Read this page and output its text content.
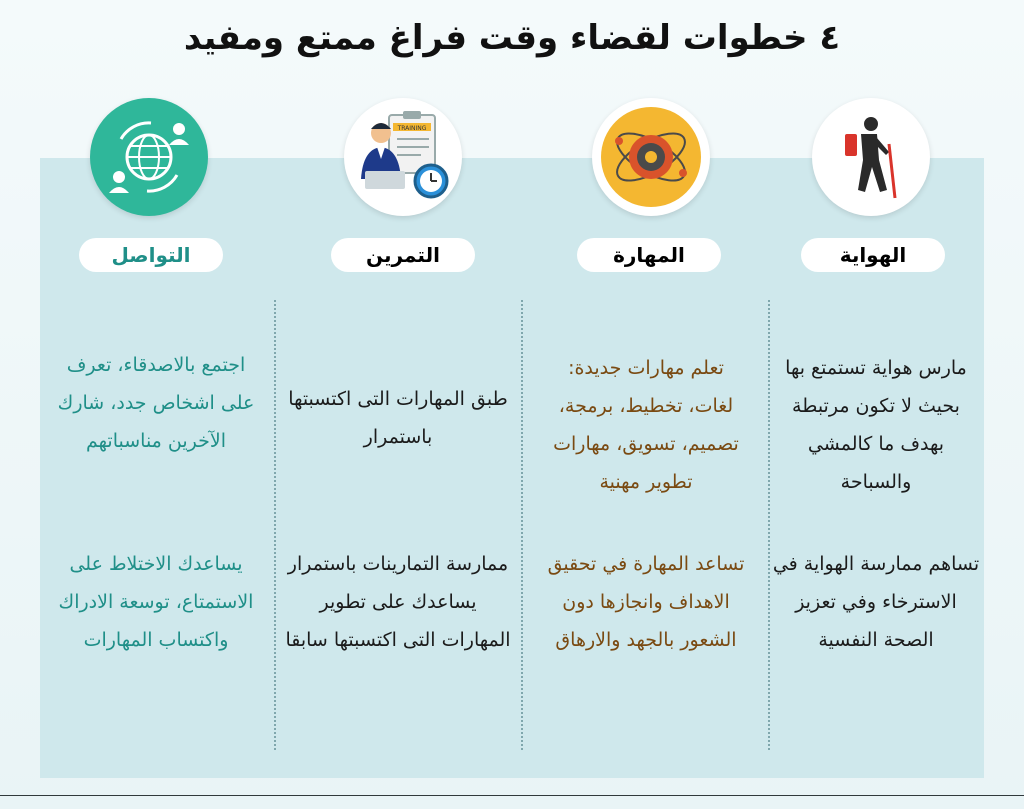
٤ خطوات لقضاء وقت فراغ ممتع ومفيد
الهواية
مارس هواية تستمتع بها
بحيث لا تكون مرتبطة
بهدف ما كالمشي
والسباحة
تساهم ممارسة الهواية في
الاسترخاء وفي تعزيز
الصحة النفسية
المهارة
تعلم مهارات جديدة:
لغات، تخطيط، برمجة،
تصميم، تسويق، مهارات
تطوير مهنية
تساعد المهارة في تحقيق
الاهداف وانجازها دون
الشعور بالجهد والارهاق
TRAINING
التمرين
طبق المهارات التى اكتسبتها
باستمرار
ممارسة التمارينات باستمرار
يساعدك على تطوير
المهارات التى اكتسبتها سابقا
التواصل
اجتمع بالاصدقاء، تعرف
على اشخاص جدد، شارك
الآخرين مناسباتهم
يساعدك الاختلاط على
الاستمتاع، توسعة الادراك
واكتساب المهارات
